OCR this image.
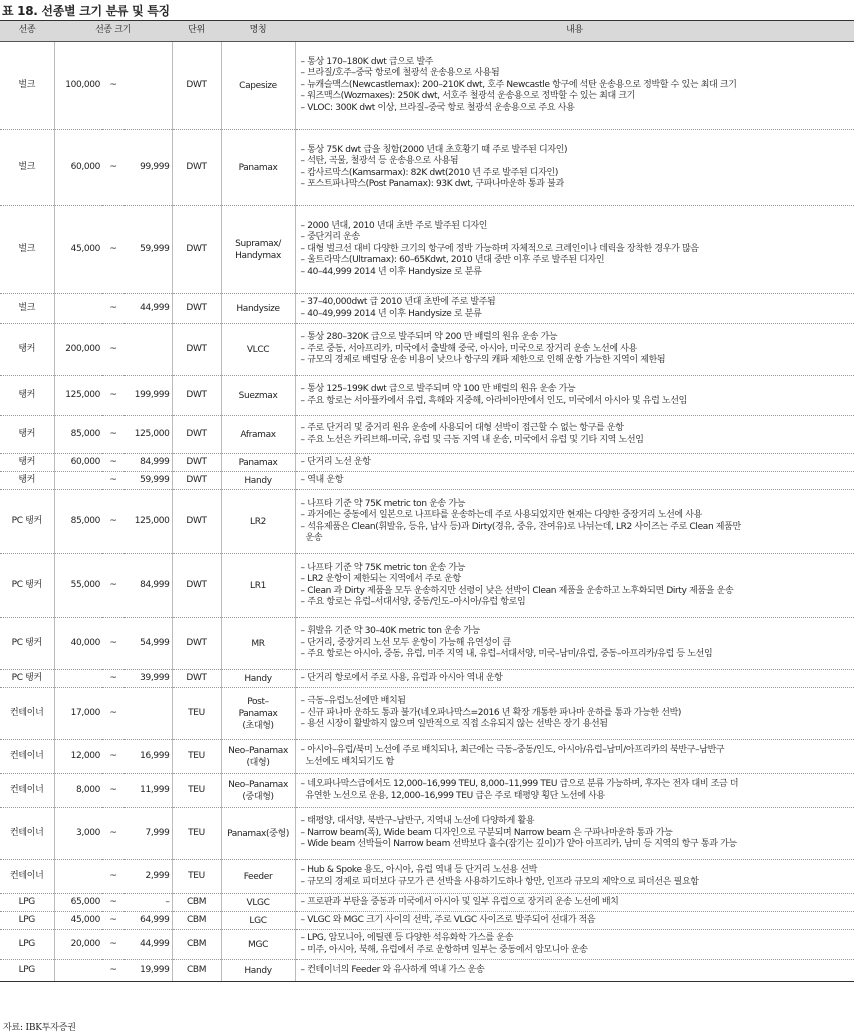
표 18. 선종별 크기 분류 및 특징
선종	선종 크기			단위	명칭	내용
벌크	100,000	~		DWT	Capesize	– 통상 170–180K dwt 급으로 발주
– 브라질/호주–중국 항로에 철광석 운송용으로 사용됨
– 뉴캐슬맥스(Newcastlemax): 200–210K dwt, 호주 Newcastle 항구에 석탄 운송용으로 정박할 수 있는 최대 크기
– 워즈맥스(Wozmaxes): 250K dwt, 서호주 철광석 운송용으로 정박할 수 있는 최대 크기
– VLOC: 300K dwt 이상, 브라질–중국 항로 철광석 운송용으로 주요 사용

벌크	60,000	~	99,999	DWT	Panamax	– 통상 75K dwt 급을 칭함(2000 년대 초호황기 때 주로 발주된 디자인)
– 석탄, 곡물, 철광석 등 운송용으로 사용됨
– 캄사르막스(Kamsarmax): 82K dwt(2010 년 주로 발주된 디자인)
– 포스트파나막스(Post Panamax): 93K dwt, 구파나마운하 통과 불과

벌크	45,000	~	59,999	DWT	Supramax/
Handymax	– 2000 년대, 2010 년대 초반 주로 발주된 디자인
– 중단거리 운송
– 대형 벌크선 대비 다양한 크기의 항구에 정박 가능하며 자체적으로 크레인이나 데릭을 장착한 경우가 많음
– 울트라막스(Ultramax): 60–65Kdwt, 2010 년대 중반 이후 주로 발주된 디자인
– 40–44,999 2014 년 이후 Handysize 로 분류

벌크		~	44,999	DWT	Handysize	– 37–40,000dwt 급 2010 년대 초반에 주로 발주됨
– 40–49,999 2014 년 이후 Handysize 로 분류

탱커	200,000	~		DWT	VLCC	– 통상 280–320K 급으로 발주되며 약 200 만 배럴의 원유 운송 가능
– 주로 중동, 서아프리카, 미국에서 출발해 중국, 아시아, 미국으로 장거리 운송 노선에 사용
– 규모의 경제로 배럴당 운송 비용이 낮으나 항구의 캐파 제한으로 인해 운항 가능한 지역이 제한됨

탱커	125,000	~	199,999	DWT	Suezmax	– 통상 125–199K dwt 급으로 발주되며 약 100 만 배럴의 원유 운송 가능
– 주요 항로는 서아플카에서 유럽, 흑해와 지중해, 아라비아만에서 인도, 미국에서 아시아 및 유럽 노선임

탱커	85,000	~	125,000	DWT	Aframax	– 주로 단거리 및 중거리 원유 운송에 사용되어 대형 선박이 접근할 수 없는 항구를 운항
– 주요 노선은 카리브해–미국, 유럽 및 극동 지역 내 운송, 미국에서 유럽 및 기타 지역 노선임

탱커	60,000	~	84,999	DWT	Panamax	– 단거리 노선 운항

탱커		~	59,999	DWT	Handy	– 역내 운항

PC 탱커	85,000	~	125,000	DWT	LR2	– 나프타 기준 약 75K metric ton 운송 가능
– 과거에는 중동에서 일본으로 나프타를 운송하는데 주로 사용되었지만 현재는 다양한 중장거리 노선에 사용
– 석유제품은 Clean(휘발유, 등유, 납사 등)과 Dirty(경유, 중유, 잔여유)로 나뉘는데, LR2 사이즈는 주로 Clean 제품만
운송

PC 탱커	55,000	~	84,999	DWT	LR1	– 나프타 기준 약 75K metric ton 운송 가능
– LR2 운항이 제한되는 지역에서 주로 운항
– Clean 과 Dirty 제품을 모두 운송하지만 선령이 낮은 선박이 Clean 제품을 운송하고 노후화되면 Dirty 제품을 운송
– 주요 항로는 유럽–서대서양, 중동/인도–아시아/유럽 항로임

PC 탱커	40,000	~	54,999	DWT	MR	– 휘발유 기준 약 30–40K metric ton 운송 가능
– 단거리, 중장거리 노선 모두 운항이 가능해 유연성이 큼
– 주요 항로는 아시아, 중동, 유럽, 미주 지역 내, 유럽–서대서양, 미국–남미/유럽, 중동–아프리카/유럽 등 노선임

PC 탱커		~	39,999	DWT	Handy	– 단거리 항로에서 주로 사용, 유럽과 아시아 역내 운항

컨테이너	17,000	~		TEU	Post–
Panamax
(초대형)	– 극동–유럽노선에만 배치됨
– 신규 파나마 운하도 통과 불가(네오파나막스=2016 년 확장 개통한 파나마 운하를 통과 가능한 선박)
– 용선 시장이 활발하지 않으며 일반적으로 직접 소유되지 않는 선박은 장기 용선됨

컨테이너	12,000	~	16,999	TEU	Neo–Panamax
(대형)	– 아시아–유럽/북미 노선에 주로 배치되나, 최근에는 극동–중동/인도, 아시아/유럽–남미/아프리카의 북반구–남반구
노선에도 배치되기도 함

컨테이너	8,000	~	11,999	TEU	Neo–Panamax
(중대형)	– 네오파나막스급에서도 12,000–16,999 TEU, 8,000–11,999 TEU 급으로 분류 가능하며, 후자는 전자 대비 조금 더
유연한 노선으로 운용, 12,000–16,999 TEU 급은 주로 태평양 횡단 노선에 사용

컨테이너	3,000	~	7,999	TEU	Panamax(중형)	– 태평양, 대서양, 북반구–남반구, 지역내 노선에 다양하게 활용
– Narrow beam(폭), Wide beam 디자인으로 구분되며 Narrow beam 은 구파나마운하 통과 가능
– Wide beam 선박들이 Narrow beam 선박보다 흘수(잠기는 깊이)가 얕아 아프리카, 남미 등 지역의 항구 통과 가능

컨테이너		~	2,999	TEU	Feeder	– Hub & Spoke 용도, 아시아, 유럽 역내 등 단거리 노선용 선박
– 규모의 경제로 피더보다 규모가 큰 선박을 사용하기도하나 항만, 인프라 규모의 제약으로 피더선은 필요함

LPG	65,000	~	–	CBM	VLGC	– 프로판과 부탄을 중동과 미국에서 아시아 및 일부 유럽으로 장거리 운송 노선에 배치

LPG	45,000	~	64,999	CBM	LGC	– VLGC 와 MGC 크기 사이의 선박, 주로 VLGC 사이즈로 발주되어 선대가 적음

LPG	20,000	~	44,999	CBM	MGC	– LPG, 암모니아, 에틸렌 등 다양한 석유화학 가스를 운송
– 미주, 아시아, 북해, 유럽에서 주로 운항하며 일부는 중동에서 암모니아 운송

LPG		~	19,999	CBM	Handy	– 컨테이너의 Feeder 와 유사하게 역내 가스 운송
자료: IBK투자증권
